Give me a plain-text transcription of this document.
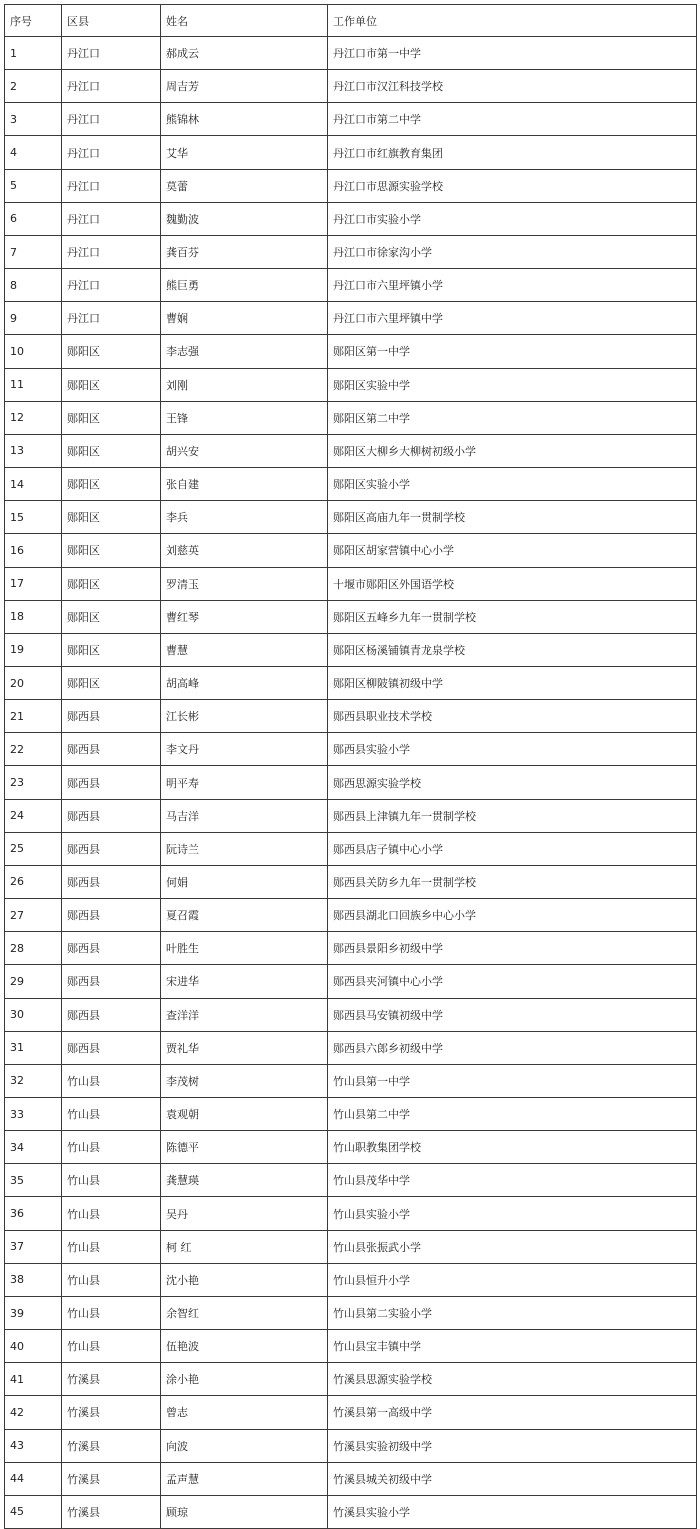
序号	区县	姓名	工作单位
1	丹江口	郝成云	丹江口市第一中学
2	丹江口	周吉芳	丹江口市汉江科技学校
3	丹江口	熊锦林	丹江口市第二中学
4	丹江口	艾华	丹江口市红旗教育集团
5	丹江口	莫蕾	丹江口市思源实验学校
6	丹江口	魏勤波	丹江口市实验小学
7	丹江口	龚百芬	丹江口市徐家沟小学
8	丹江口	熊巨勇	丹江口市六里坪镇小学
9	丹江口	曹娴	丹江口市六里坪镇中学
10	郧阳区	李志强	郧阳区第一中学
11	郧阳区	刘刚	郧阳区实验中学
12	郧阳区	王锋	郧阳区第二中学
13	郧阳区	胡兴安	郧阳区大柳乡大柳树初级小学
14	郧阳区	张自建	郧阳区实验小学
15	郧阳区	李兵	郧阳区高庙九年一贯制学校
16	郧阳区	刘慈英	郧阳区胡家营镇中心小学
17	郧阳区	罗清玉	十堰市郧阳区外国语学校
18	郧阳区	曹红琴	郧阳区五峰乡九年一贯制学校
19	郧阳区	曹慧	郧阳区杨溪铺镇青龙泉学校
20	郧阳区	胡高峰	郧阳区柳陂镇初级中学
21	郧西县	江长彬	郧西县职业技术学校
22	郧西县	李文丹	郧西县实验小学
23	郧西县	明平寿	郧西思源实验学校
24	郧西县	马吉洋	郧西县上津镇九年一贯制学校
25	郧西县	阮诗兰	郧西县店子镇中心小学
26	郧西县	何娟	郧西县关防乡九年一贯制学校
27	郧西县	夏召霞	郧西县湖北口回族乡中心小学
28	郧西县	叶胜生	郧西县景阳乡初级中学
29	郧西县	宋进华	郧西县夹河镇中心小学
30	郧西县	查洋洋	郧西县马安镇初级中学
31	郧西县	贾礼华	郧西县六郎乡初级中学
32	竹山县	李茂树	竹山县第一中学
33	竹山县	袁观朝	竹山县第二中学
34	竹山县	陈德平	竹山职教集团学校
35	竹山县	龚慧瑛	竹山县茂华中学
36	竹山县	吴丹	竹山县实验小学
37	竹山县	柯 红	竹山县张振武小学
38	竹山县	沈小艳	竹山县恒升小学
39	竹山县	余智红	竹山县第二实验小学
40	竹山县	伍艳波	竹山县宝丰镇中学
41	竹溪县	涂小艳	竹溪县思源实验学校
42	竹溪县	曾志	竹溪县第一高级中学
43	竹溪县	向波	竹溪县实验初级中学
44	竹溪县	孟声慧	竹溪县城关初级中学
45	竹溪县	顾琼	竹溪县实验小学
